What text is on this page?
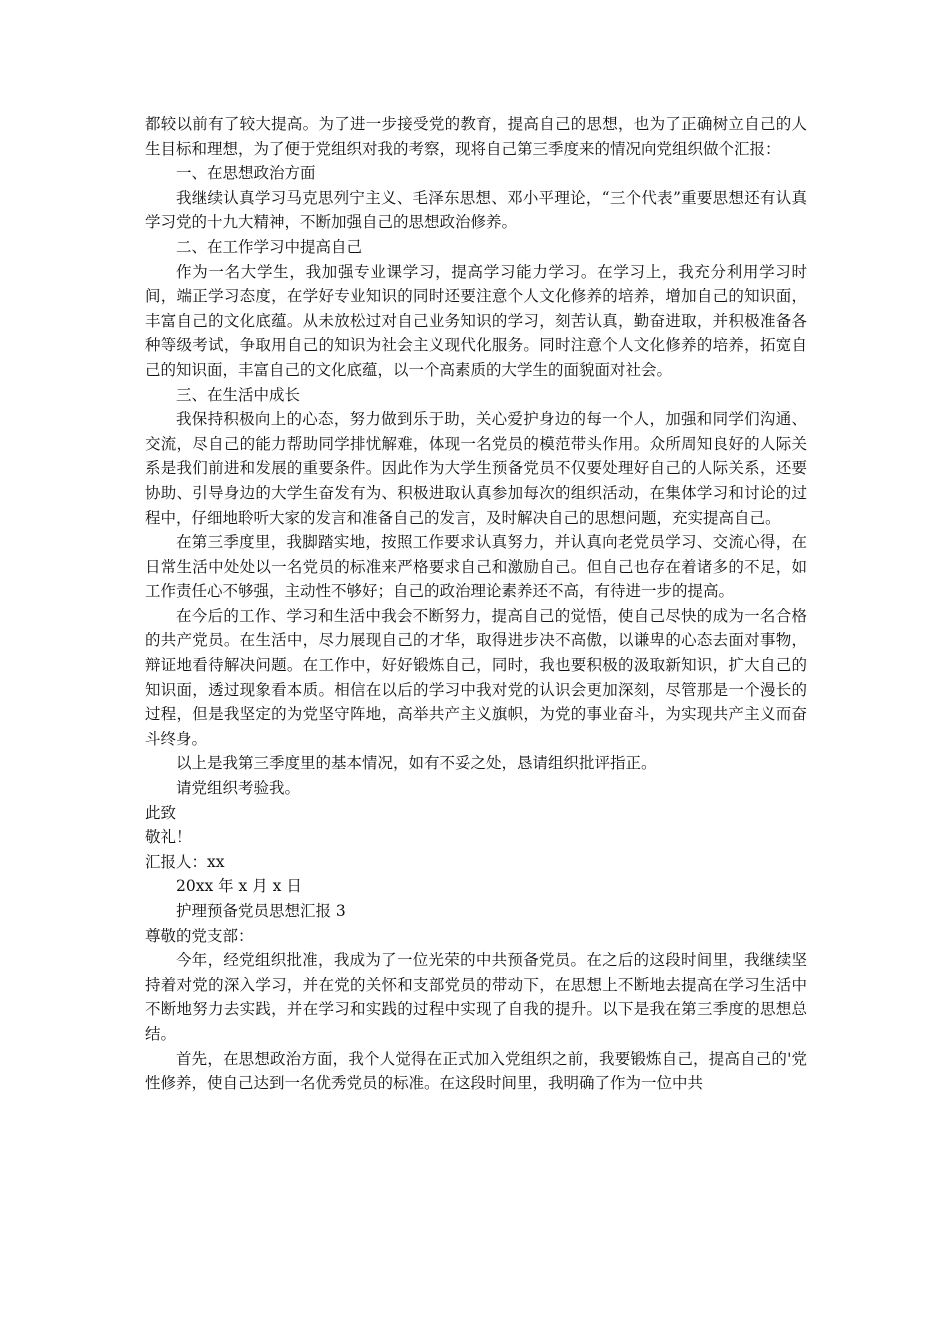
都较以前有了较大提高。为了进一步接受党的教育，提高自己的思想，也为了正确树立自己的人生目标和理想，为了便于党组织对我的考察，现将自己第三季度来的情况向党组织做个汇报：

一、在思想政治方面

我继续认真学习马克思列宁主义、毛泽东思想、邓小平理论，“三个代表”重要思想还有认真学习党的十九大精神，不断加强自己的思想政治修养。

二、在工作学习中提高自己

作为一名大学生，我加强专业课学习，提高学习能力学习。在学习上，我充分利用学习时间，端正学习态度，在学好专业知识的同时还要注意个人文化修养的培养，增加自己的知识面，丰富自己的文化底蕴。从未放松过对自己业务知识的学习，刻苦认真，勤奋进取，并积极准备各种等级考试，争取用自己的知识为社会主义现代化服务。同时注意个人文化修养的培养，拓宽自己的知识面，丰富自己的文化底蕴，以一个高素质的大学生的面貌面对社会。

三、在生活中成长

我保持积极向上的心态，努力做到乐于助，关心爱护身边的每一个人，加强和同学们沟通、交流，尽自己的能力帮助同学排忧解难，体现一名党员的模范带头作用。众所周知良好的人际关系是我们前进和发展的重要条件。因此作为大学生预备党员不仅要处理好自己的人际关系，还要协助、引导身边的大学生奋发有为、积极进取认真参加每次的组织活动，在集体学习和讨论的过程中，仔细地聆听大家的发言和准备自己的发言，及时解决自己的思想问题，充实提高自己。

在第三季度里，我脚踏实地，按照工作要求认真努力，并认真向老党员学习、交流心得，在日常生活中处处以一名党员的标准来严格要求自己和激励自己。但自己也存在着诸多的不足，如工作责任心不够强，主动性不够好；自己的政治理论素养还不高，有待进一步的提高。

在今后的工作、学习和生活中我会不断努力，提高自己的觉悟，使自己尽快的成为一名合格的共产党员。在生活中，尽力展现自己的才华，取得进步决不高傲，以谦卑的心态去面对事物，辩证地看待解决问题。在工作中，好好锻炼自己，同时，我也要积极的汲取新知识，扩大自己的知识面，透过现象看本质。相信在以后的学习中我对党的认识会更加深刻，尽管那是一个漫长的过程，但是我坚定的为党坚守阵地，高举共产主义旗帜，为党的事业奋斗，为实现共产主义而奋斗终身。

以上是我第三季度里的基本情况，如有不妥之处，恳请组织批评指正。

请党组织考验我。

此致

敬礼！

汇报人：xx

20xx 年 x 月 x 日

护理预备党员思想汇报 3

尊敬的党支部：

今年，经党组织批准，我成为了一位光荣的中共预备党员。在之后的这段时间里，我继续坚持着对党的深入学习，并在党的关怀和支部党员的带动下，在思想上不断地去提高在学习生活中不断地努力去实践，并在学习和实践的过程中实现了自我的提升。以下是我在第三季度的思想总结。

首先，在思想政治方面，我个人觉得在正式加入党组织之前，我要锻炼自己，提高自己的'党性修养，使自己达到一名优秀党员的标准。在这段时间里，我明确了作为一位中共
